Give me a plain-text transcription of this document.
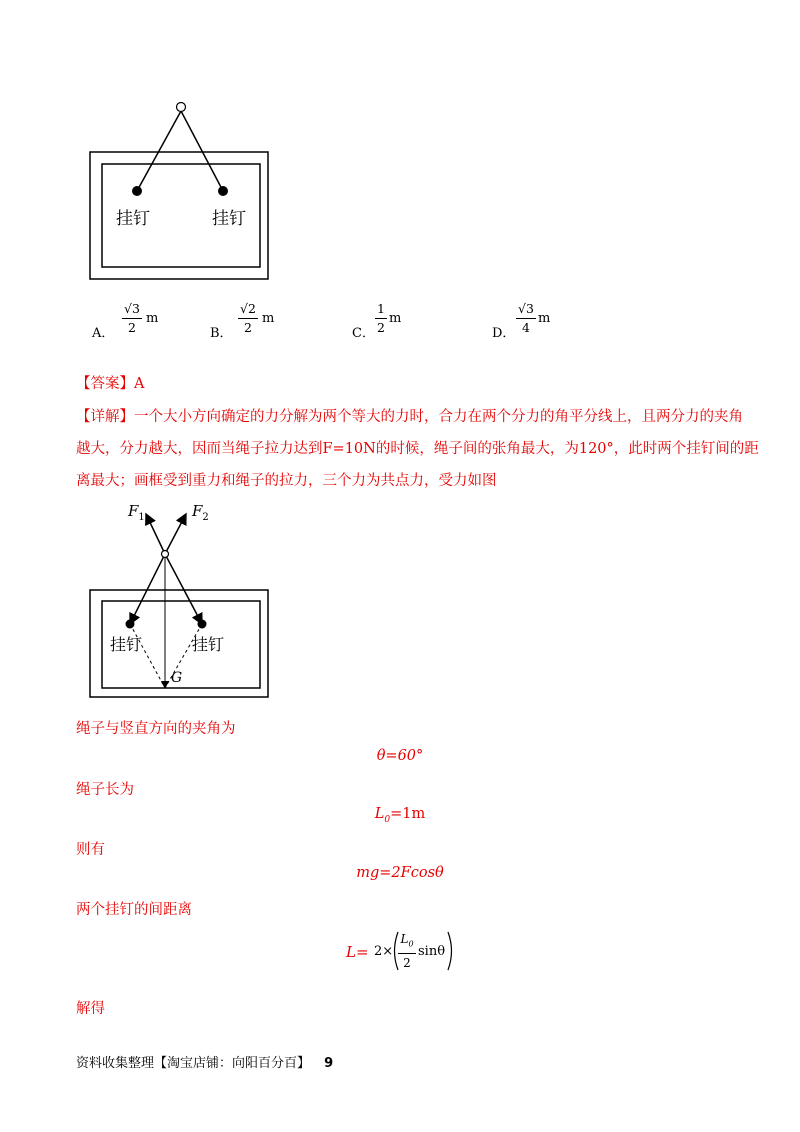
挂钉	挂钉
A． $\frac{√3}{2}$ m
B． $\frac{√2}{2}$ m
C． $\frac{1}{2}$ m
D． $\frac{√3}{4}$ m
【答案】A
【详解】一个大小方向确定的力分解为两个等大的力时，合力在两个分力的角平分线上，且两分力的夹角
越大，分力越大，因而当绳子拉力达到F=10N的时候，绳子间的张角最大，为120°，此时两个挂钉间的距
离最大；画框受到重力和绳子的拉力，三个力为共点力，受力如图
$F_1$	$F_2$
G
挂钉	挂钉
绳子与竖直方向的夹角为
θ=60°
绳子长为
$L_0=1m$
则有
mg=2Fcosθ
两个挂钉的间距离
L= 2×
$L_0$
2
sinθ
解得
资料收集整理【淘宝店铺：向阳百分百】 9
